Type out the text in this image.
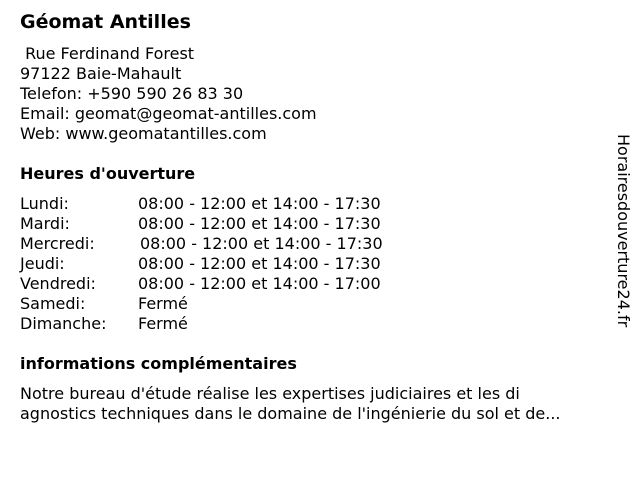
Géomat Antilles
Rue Ferdinand Forest
97122 Baie-Mahault
Telefon: +590 590 26 83 30
Email: geomat@geomat-antilles.com
Web: www.geomatantilles.com
Heures d'ouverture
Lundi:	08:00 - 12:00 et 14:00 - 17:30
Mardi:	08:00 - 12:00 et 14:00 - 17:30
Mercredi:	08:00 - 12:00 et 14:00 - 17:30
Jeudi:	08:00 - 12:00 et 14:00 - 17:30
Vendredi:	08:00 - 12:00 et 14:00 - 17:00
Samedi:	Fermé
Dimanche: Fermé
informations complémentaires
Notre bureau d'étude réalise les expertises judiciaires et les di
agnostics techniques dans le domaine de l'ingénierie du sol et de...
Horairesdouverture24.fr
